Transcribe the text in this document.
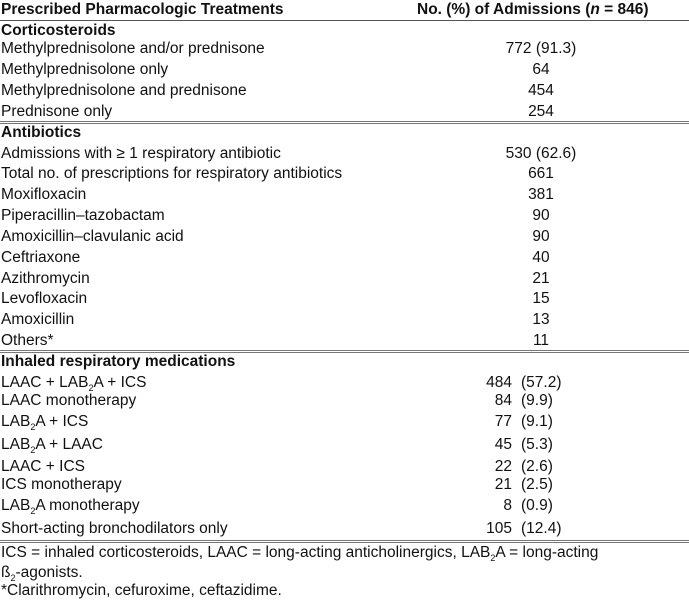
Prescribed Pharmacologic Treatments	No. (%) of Admissions (n = 846)
Corticosteroids
Methylprednisolone and/or prednisone	772 (91.3)
Methylprednisolone only	64
Methylprednisolone and prednisone	454
Prednisone only	254
Antibiotics
Admissions with ≥ 1 respiratory antibiotic	530 (62.6)
Total no. of prescriptions for respiratory antibiotics	661
Moxifloxacin	381
Piperacillin–tazobactam	90
Amoxicillin–clavulanic acid	90
Ceftriaxone	40
Azithromycin	21
Levofloxacin	15
Amoxicillin	13
Others*	11
Inhaled respiratory medications
LAAC + $LAB_2A$ + ICS	484 (57.2)
LAAC monotherapy	84 (9.9)
$LAB_2A$ + ICS	77 (9.1)
$LAB_2A$ + LAAC	45 (5.3)
LAAC + ICS	22 (2.6)
ICS monotherapy	21 (2.5)
$LAB_2A$ monotherapy	8 (0.9)
Short-acting bronchodilators only	105 (12.4)
ICS = inhaled corticosteroids, LAAC = long-acting anticholinergics, $LAB_2A$ = long-acting
$ß_2$-agonists.
*Clarithromycin, cefuroxime, ceftazidime.
